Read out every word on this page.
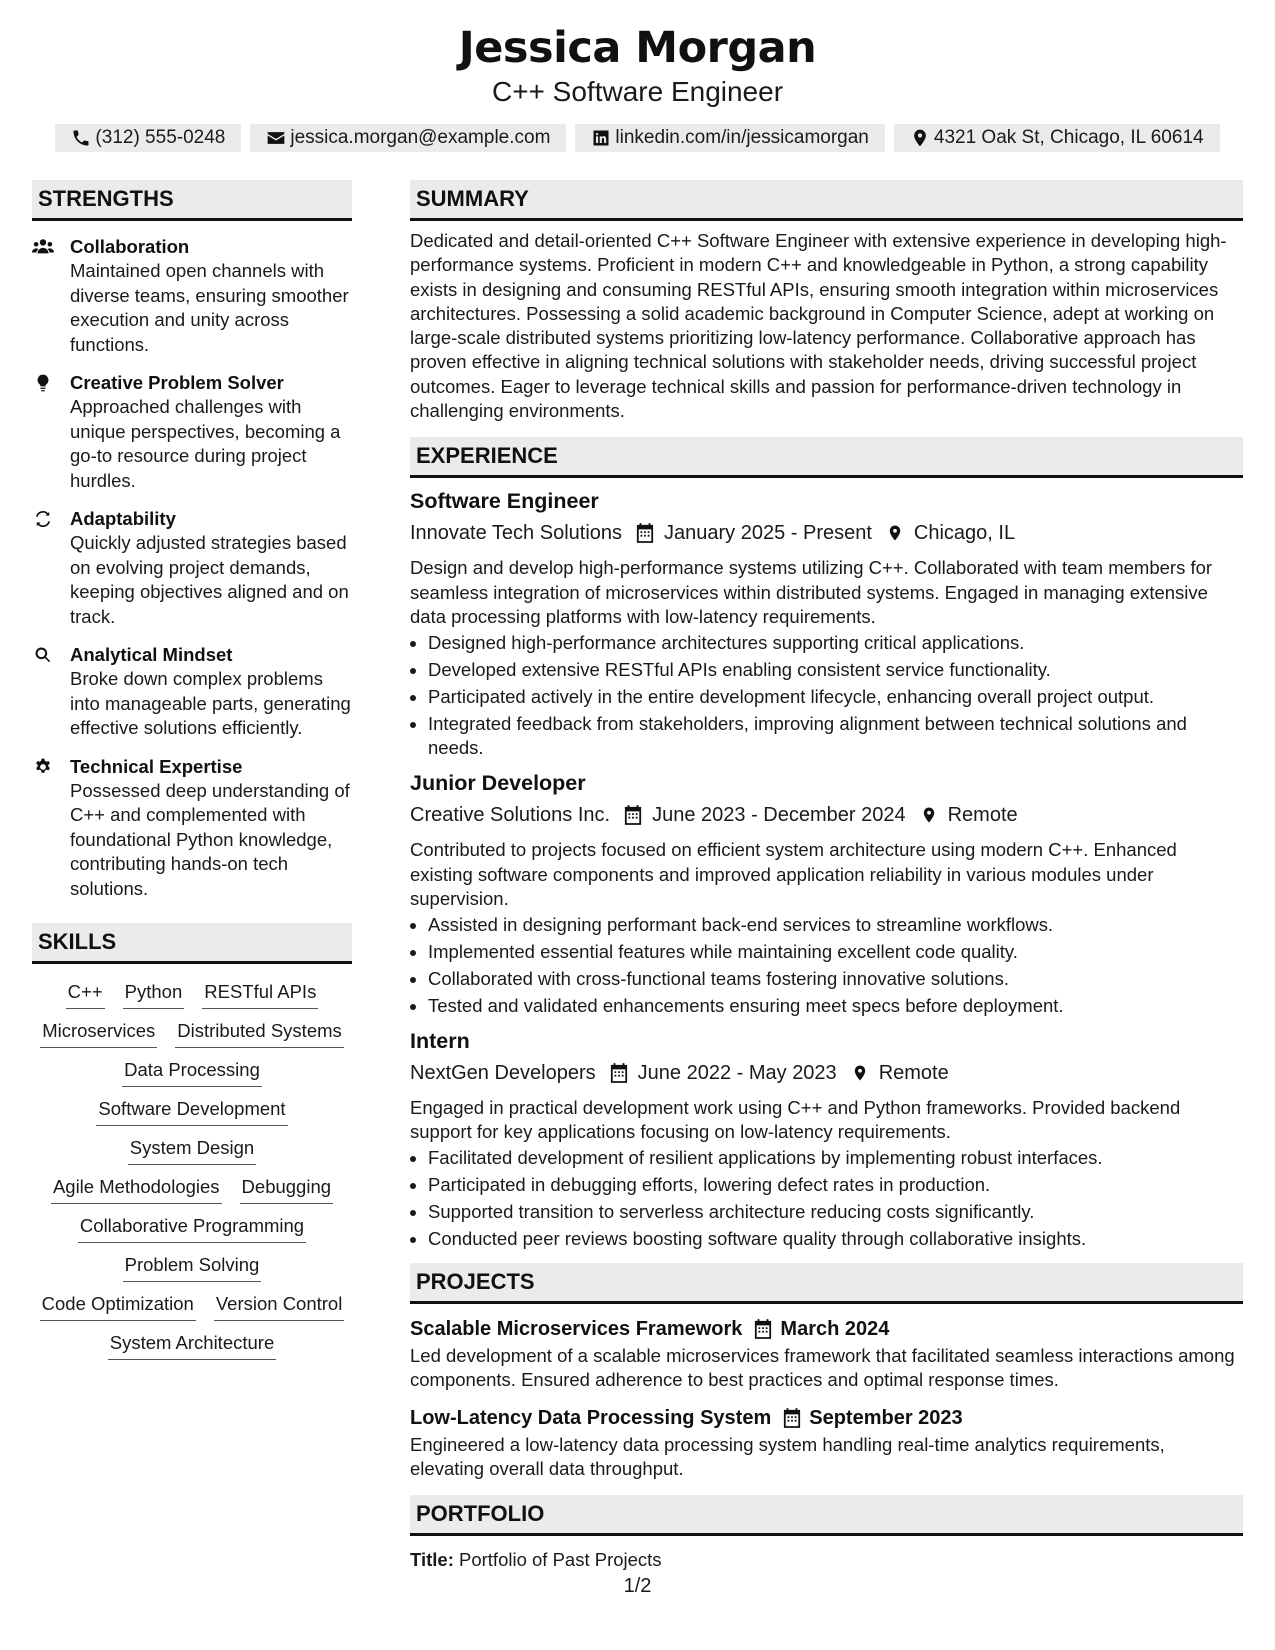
Jessica Morgan
C++ Software Engineer
(312) 555-0248	jessica.morgan@example.com	linkedin.com/in/jessicamorgan	4321 Oak St, Chicago, IL 60614
STRENGTHS
Collaboration
Maintained open channels with diverse teams, ensuring smoother execution and unity across functions.
Creative Problem Solver
Approached challenges with unique perspectives, becoming a go-to resource during project hurdles.
Adaptability
Quickly adjusted strategies based on evolving project demands, keeping objectives aligned and on track.
Analytical Mindset
Broke down complex problems into manageable parts, generating effective solutions efficiently.
Technical Expertise
Possessed deep understanding of C++ and complemented with foundational Python knowledge, contributing hands-on tech solutions.
SKILLS
C++ Python RESTful APIs
Microservices Distributed Systems
Data Processing
Software Development
System Design
Agile Methodologies Debugging
Collaborative Programming
Problem Solving
Code Optimization Version Control
System Architecture
SUMMARY
Dedicated and detail-oriented C++ Software Engineer with extensive experience in developing high-performance systems. Proficient in modern C++ and knowledgeable in Python, a strong capability exists in designing and consuming RESTful APIs, ensuring smooth integration within microservices architectures. Possessing a solid academic background in Computer Science, adept at working on large-scale distributed systems prioritizing low-latency performance. Collaborative approach has proven effective in aligning technical solutions with stakeholder needs, driving successful project outcomes. Eager to leverage technical skills and passion for performance-driven technology in challenging environments.
EXPERIENCE
Software Engineer
Innovate Tech Solutions January 2025 - Present Chicago, IL
Design and develop high-performance systems utilizing C++. Collaborated with team members for seamless integration of microservices within distributed systems. Engaged in managing extensive data processing platforms with low-latency requirements.
• Designed high-performance architectures supporting critical applications.
• Developed extensive RESTful APIs enabling consistent service functionality.
• Participated actively in the entire development lifecycle, enhancing overall project output.
• Integrated feedback from stakeholders, improving alignment between technical solutions and needs.
Junior Developer
Creative Solutions Inc. June 2023 - December 2024 Remote
Contributed to projects focused on efficient system architecture using modern C++. Enhanced existing software components and improved application reliability in various modules under supervision.
• Assisted in designing performant back-end services to streamline workflows.
• Implemented essential features while maintaining excellent code quality.
• Collaborated with cross-functional teams fostering innovative solutions.
• Tested and validated enhancements ensuring meet specs before deployment.
Intern
NextGen Developers June 2022 - May 2023 Remote
Engaged in practical development work using C++ and Python frameworks. Provided backend support for key applications focusing on low-latency requirements.
• Facilitated development of resilient applications by implementing robust interfaces.
• Participated in debugging efforts, lowering defect rates in production.
• Supported transition to serverless architecture reducing costs significantly.
• Conducted peer reviews boosting software quality through collaborative insights.
PROJECTS
Scalable Microservices Framework March 2024
Led development of a scalable microservices framework that facilitated seamless interactions among components. Ensured adherence to best practices and optimal response times.
Low-Latency Data Processing System September 2023
Engineered a low-latency data processing system handling real-time analytics requirements, elevating overall data throughput.
PORTFOLIO
Title: Portfolio of Past Projects
1/2
